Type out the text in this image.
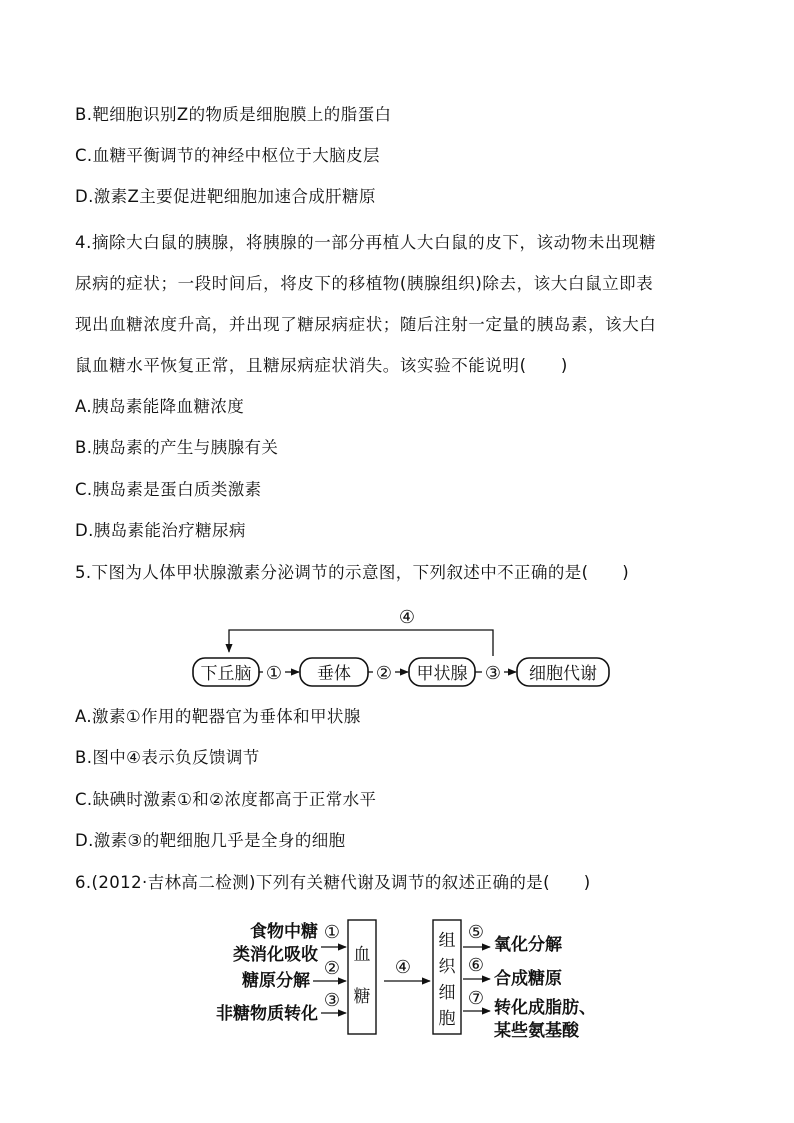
B.靶细胞识别Z的物质是细胞膜上的脂蛋白
C.血糖平衡调节的神经中枢位于大脑皮层
D.激素Z主要促进靶细胞加速合成肝糖原
4.摘除大白鼠的胰腺，将胰腺的一部分再植人大白鼠的皮下，该动物未出现糖
尿病的症状；一段时间后，将皮下的移植物(胰腺组织)除去，该大白鼠立即表
现出血糖浓度升高，并出现了糖尿病症状；随后注射一定量的胰岛素，该大白
鼠血糖水平恢复正常，且糖尿病症状消失。该实验不能说明(　　)
A.胰岛素能降血糖浓度
B.胰岛素的产生与胰腺有关
C.胰岛素是蛋白质类激素
D.胰岛素能治疗糖尿病
5.下图为人体甲状腺激素分泌调节的示意图，下列叙述中不正确的是(　　)
④
下丘脑	垂体	甲状腺	细胞代谢
①	②	③
A.激素①作用的靶器官为垂体和甲状腺
B.图中④表示负反馈调节
C.缺碘时激素①和②浓度都高于正常水平
D.激素③的靶细胞几乎是全身的细胞
6.(2012·吉林高二检测)下列有关糖代谢及调节的叙述正确的是(　　)
食物中糖
类消化吸收
糖原分解
非糖物质转化
①
②
③
血
糖
④
组
织
细
胞
⑤
⑥
⑦
氧化分解
合成糖原
转化成脂肪、
某些氨基酸
